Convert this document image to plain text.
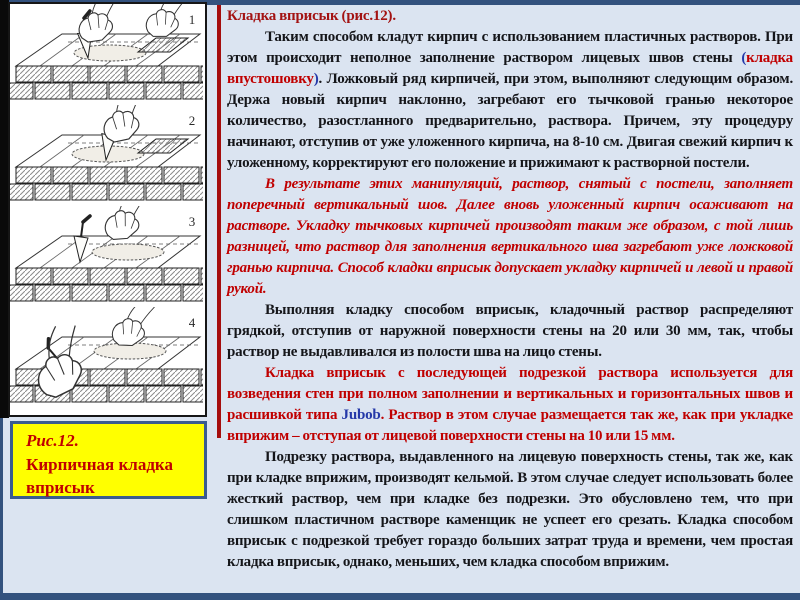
1
2
3
4
Рис.12.
Кирпичная кладка вприсык

Кладка вприсык (рис.12).

Таким способом кладут кирпич с использованием пластичных растворов. При этом происходит неполное заполнение раствором лицевых швов стены (кладка впустошовку). Ложковый ряд кирпичей, при этом, выполняют следующим образом. Держа новый кирпич наклонно, загребают его тычковой гранью некоторое количество, разостланного предварительно, раствора. Причем, эту процедуру начинают, отступив от уже уложенного кирпича, на 8-10 см. Двигая свежий кирпич к уложенному, корректируют его положение и прижимают к растворной постели.

В результате этих манипуляций, раствор, снятый с постели, заполняет поперечный вертикальный шов. Далее вновь уложенный кирпич осаживают на растворе. Укладку тычковых кирпичей производят таким же образом, с той лишь разницей, что раствор для заполнения вертикального шва загребают уже ложковой гранью кирпича. Способ кладки вприсык допускает укладку кирпичей и левой и правой рукой.

Выполняя кладку способом вприсык, кладочный раствор распределяют грядкой, отступив от наружной поверхности стены на 20 или 30 мм, так, чтобы раствор не выдавливался из полости шва на лицо стены.

Кладка вприсык с последующей подрезкой раствора используется для возведения стен при полном заполнении и вертикальных и горизонтальных швов и расшивкой типа Jubob. Раствор в этом случае размещается так же, как при укладке вприжим – отступая от лицевой поверхности стены на 10 или 15 мм.

Подрезку раствора, выдавленного на лицевую поверхность стены, так же, как при кладке вприжим, производят кельмой. В этом случае следует использовать более жесткий раствор, чем при кладке без подрезки. Это обусловлено тем, что при слишком пластичном растворе каменщик не успеет его срезать. Кладка способом вприсык с подрезкой требует гораздо больших затрат труда и времени, чем простая кладка вприсык, однако, меньших, чем кладка способом вприжим.
